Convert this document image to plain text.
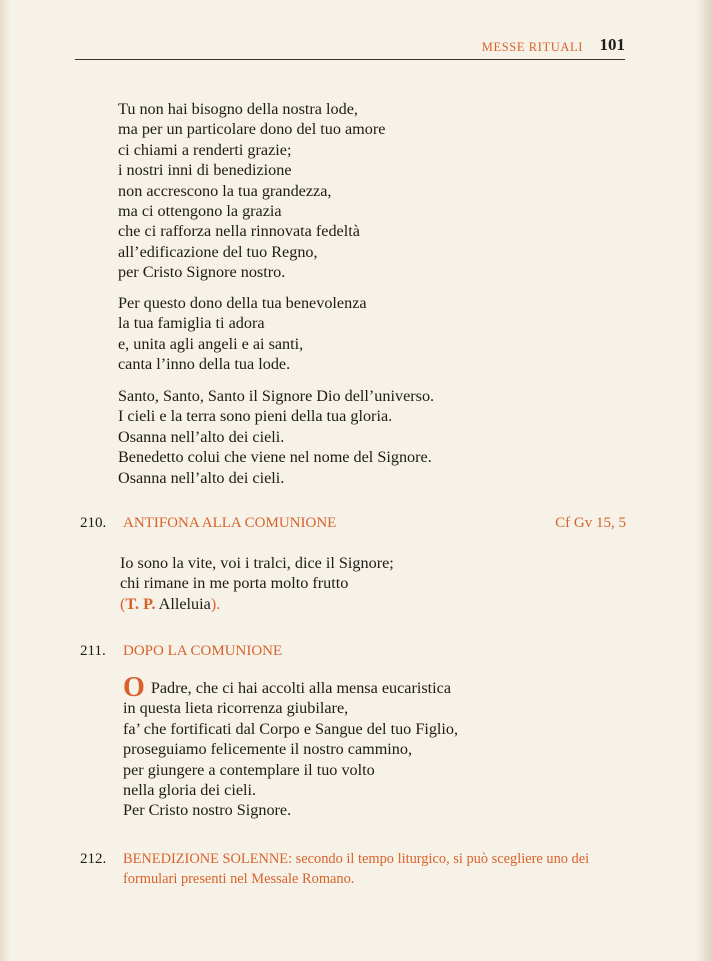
MESSE RITUALI 101
Tu non hai bisogno della nostra lode,
ma per un particolare dono del tuo amore
ci chiami a renderti grazie;
i nostri inni di benedizione
non accrescono la tua grandezza,
ma ci ottengono la grazia
che ci rafforza nella rinnovata fedeltà
all’edificazione del tuo Regno,
per Cristo Signore nostro.
Per questo dono della tua benevolenza
la tua famiglia ti adora
e, unita agli angeli e ai santi,
canta l’inno della tua lode.
Santo, Santo, Santo il Signore Dio dell’universo.
I cieli e la terra sono pieni della tua gloria.
Osanna nell’alto dei cieli.
Benedetto colui che viene nel nome del Signore.
Osanna nell’alto dei cieli.
210. ANTIFONA ALLA COMUNIONE	Cf Gv 15, 5
Io sono la vite, voi i tralci, dice il Signore;
chi rimane in me porta molto frutto
(T. P. Alleluia).
211. DOPO LA COMUNIONE
O Padre, che ci hai accolti alla mensa eucaristica
in questa lieta ricorrenza giubilare,
fa’ che fortificati dal Corpo e Sangue del tuo Figlio,
proseguiamo felicemente il nostro cammino,
per giungere a contemplare il tuo volto
nella gloria dei cieli.
Per Cristo nostro Signore.
212. BENEDIZIONE SOLENNE: secondo il tempo liturgico, si può scegliere uno dei
formulari presenti nel Messale Romano.
